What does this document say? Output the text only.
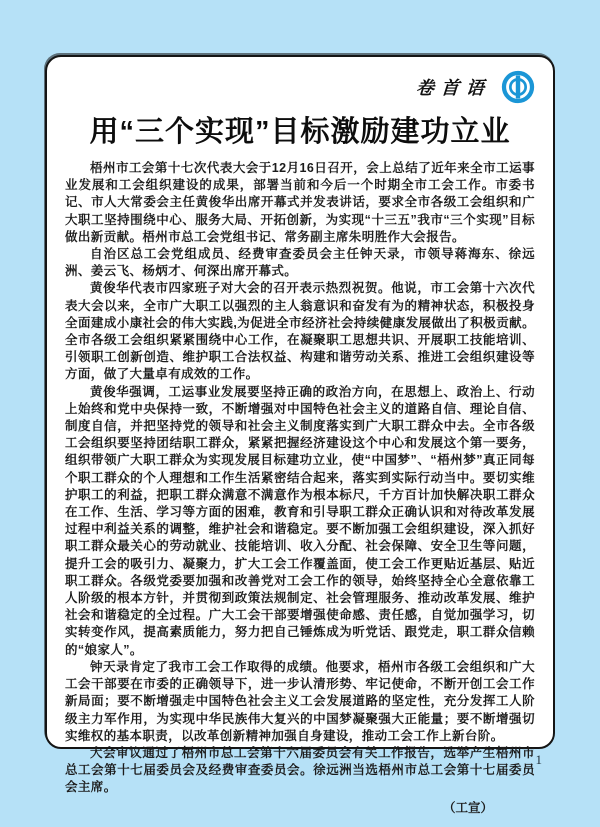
卷首语
用“三个实现”目标激励建功立业

梧州市工会第十七次代表大会于12月16日召开，会上总结了近年来全市工运事业发展和工会组织建设的成果，部署当前和今后一个时期全市工会工作。市委书记、市人大常委会主任黄俊华出席开幕式并发表讲话，要求全市各级工会组织和广大职工坚持围绕中心、服务大局、开拓创新，为实现“十三五”我市“三个实现”目标做出新贡献。梧州市总工会党组书记、常务副主席朱明胜作大会报告。

自治区总工会党组成员、经费审查委员会主任钟天录，市领导蒋海东、徐远洲、姜云飞、杨炳才、何深出席开幕式。

黄俊华代表市四家班子对大会的召开表示热烈祝贺。他说，市工会第十六次代表大会以来，全市广大职工以强烈的主人翁意识和奋发有为的精神状态，积极投身全面建成小康社会的伟大实践,为促进全市经济社会持续健康发展做出了积极贡献。全市各级工会组织紧紧围绕中心工作，在凝聚职工思想共识、开展职工技能培训、引领职工创新创造、维护职工合法权益、构建和谐劳动关系、推进工会组织建设等方面，做了大量卓有成效的工作。

黄俊华强调，工运事业发展要坚持正确的政治方向，在思想上、政治上、行动上始终和党中央保持一致，不断增强对中国特色社会主义的道路自信、理论自信、制度自信，并把坚持党的领导和社会主义制度落实到广大职工群众中去。全市各级工会组织要坚持团结职工群众，紧紧把握经济建设这个中心和发展这个第一要务，组织带领广大职工群众为实现发展目标建功立业，使“中国梦”、“梧州梦”真正同每个职工群众的个人理想和工作生活紧密结合起来，落实到实际行动当中。要切实维护职工的利益，把职工群众满意不满意作为根本标尺，千方百计加快解决职工群众在工作、生活、学习等方面的困难，教育和引导职工群众正确认识和对待改革发展过程中利益关系的调整，维护社会和谐稳定。要不断加强工会组织建设，深入抓好职工群众最关心的劳动就业、技能培训、收入分配、社会保障、安全卫生等问题，提升工会的吸引力、凝聚力，扩大工会工作覆盖面，使工会工作更贴近基层、贴近职工群众。各级党委要加强和改善党对工会工作的领导，始终坚持全心全意依靠工人阶级的根本方针，并贯彻到政策法规制定、社会管理服务、推动改革发展、维护社会和谐稳定的全过程。广大工会干部要增强使命感、责任感，自觉加强学习，切实转变作风，提高素质能力，努力把自己锤炼成为听党话、跟党走，职工群众信赖的“娘家人”。

钟天录肯定了我市工会工作取得的成绩。他要求，梧州市各级工会组织和广大工会干部要在市委的正确领导下，进一步认清形势、牢记使命，不断开创工会工作新局面；要不断增强走中国特色社会主义工会发展道路的坚定性，充分发挥工人阶级主力军作用，为实现中华民族伟大复兴的中国梦凝聚强大正能量；要不断增强切实维权的基本职责，以改革创新精神加强自身建设，推动工会工作上新台阶。

大会审议通过了梧州市总工会第十六届委员会有关工作报告，选举产生梧州市总工会第十七届委员会及经费审查委员会。徐远洲当选梧州市总工会第十七届委员会主席。

（工宣）
1
